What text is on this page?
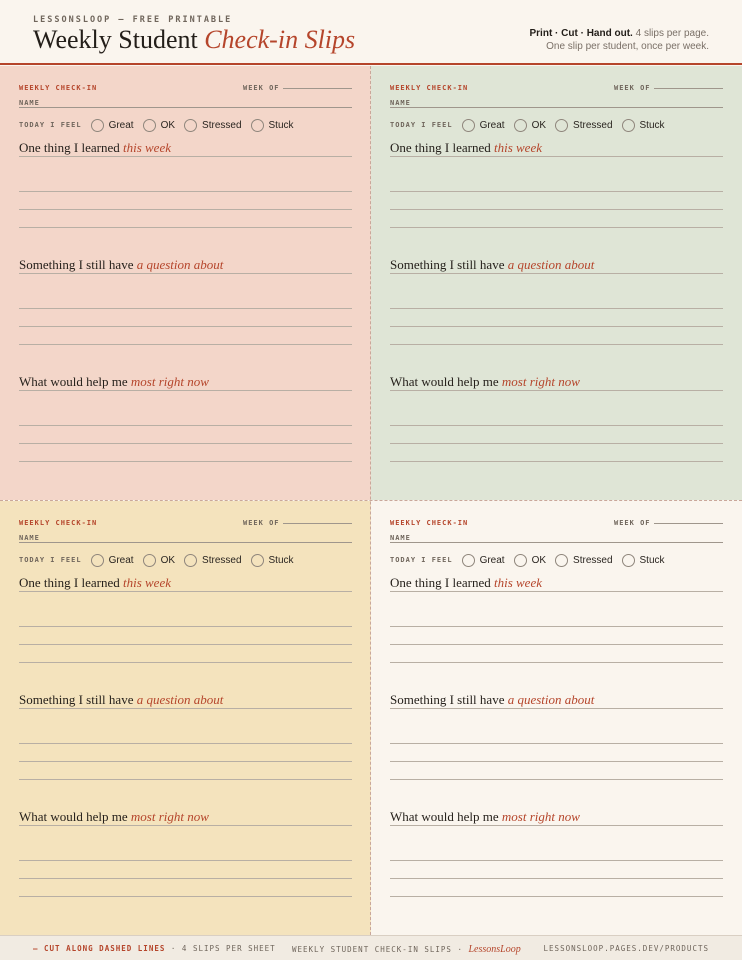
LESSONSLOOP — FREE PRINTABLE
Weekly Student Check-in Slips	Print · Cut · Hand out. 4 slips per page.
One slip per student, once per week.
WEEKLY CHECK-IN	WEEK OF
NAME
TODAY I FEEL	Great	OK	Stressed	Stuck
One thing I learned this week
Something I still have a question about
What would help me most right now
WEEKLY CHECK-IN	WEEK OF
NAME
TODAY I FEEL	Great	OK	Stressed	Stuck
One thing I learned this week
Something I still have a question about
What would help me most right now
WEEKLY CHECK-IN	WEEK OF
NAME
TODAY I FEEL	Great	OK	Stressed	Stuck
One thing I learned this week
Something I still have a question about
What would help me most right now
WEEKLY CHECK-IN	WEEK OF
NAME
TODAY I FEEL	Great	OK	Stressed	Stuck
One thing I learned this week
Something I still have a question about
What would help me most right now
— CUT ALONG DASHED LINES · 4 SLIPS PER SHEET WEEKLY STUDENT CHECK-IN SLIPS · LessonsLoop	LESSONSLOOP.PAGES.DEV/PRODUCTS
